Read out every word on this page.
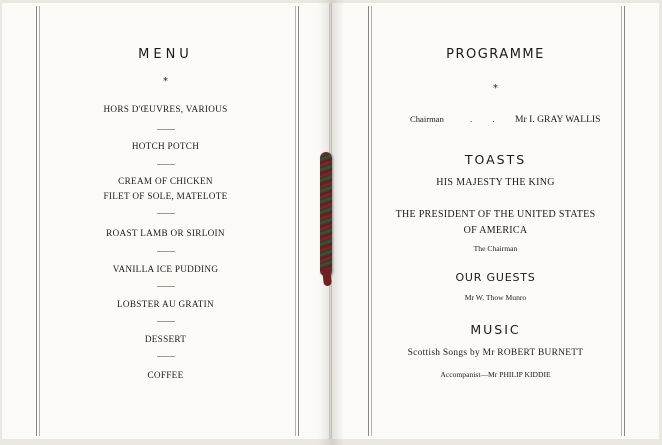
MENU
*
HORS D'ŒUVRES, VARIOUS
HOTCH POTCH
CREAM OF CHICKEN
FILET OF SOLE, MATELOTE
ROAST LAMB OR SIRLOIN
VANILLA ICE PUDDING
LOBSTER AU GRATIN
DESSERT
COFFEE
PROGRAMME
*
Chairman	. . Mr I. GRAY WALLIS
TOASTS
HIS MAJESTY THE KING
THE PRESIDENT OF THE UNITED STATES
OF AMERICA
The Chairman
OUR GUESTS
Mr W. Thow Munro
MUSIC
Scottish Songs by Mr ROBERT BURNETT
Accompanist—Mr PHILIP KIDDIE
